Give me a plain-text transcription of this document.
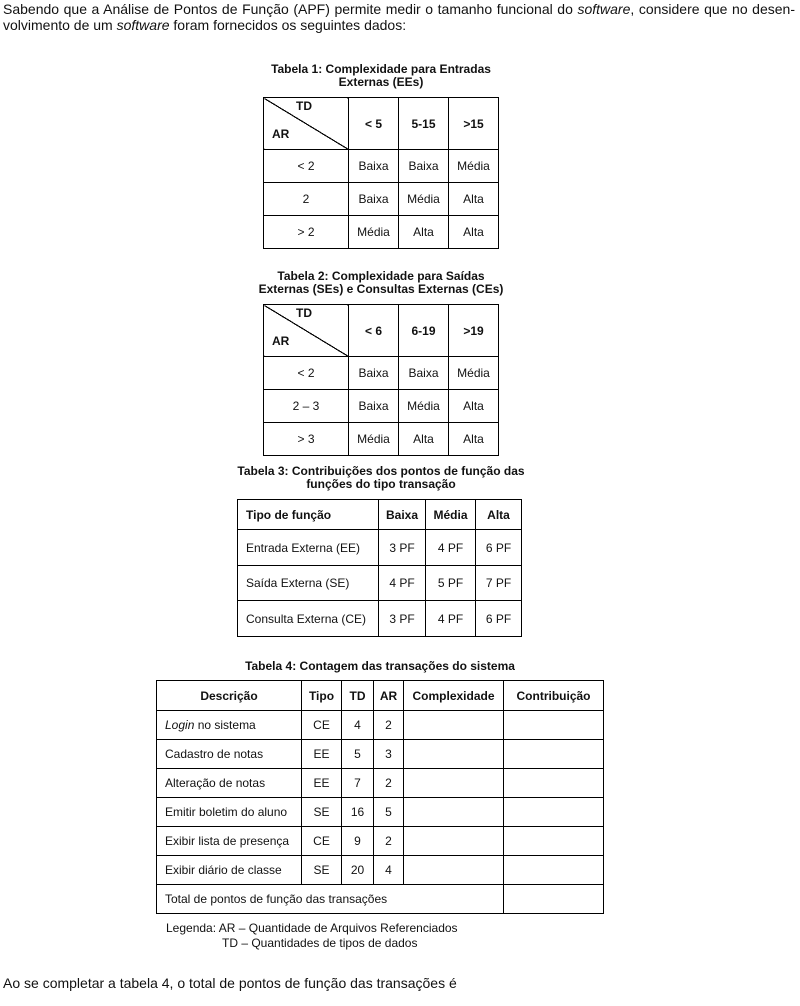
Sabendo que a Análise de Pontos de Função (APF) permite medir o tamanho funcional do software, considere que no desen- volvimento de um software foram fornecidos os seguintes dados:
Tabela 1: Complexidade para Entradas
Externas (EEs)
TD
AR	< 5	5-15	>15
< 2	Baixa	Baixa	Média
2	Baixa	Média	Alta
> 2	Média	Alta	Alta
Tabela 2: Complexidade para Saídas
Externas (SEs) e Consultas Externas (CEs)
TD
AR	< 6	6-19	>19
< 2	Baixa	Baixa	Média
2 – 3	Baixa	Média	Alta
> 3	Média	Alta	Alta
Tabela 3: Contribuições dos pontos de função das
funções do tipo transação
Tipo de função	Baixa	Média	Alta
Entrada Externa (EE)	3 PF	4 PF	6 PF
Saída Externa (SE)	4 PF	5 PF	7 PF
Consulta Externa (CE)	3 PF	4 PF	6 PF
Tabela 4: Contagem das transações do sistema
Descrição	Tipo	TD	AR	Complexidade	Contribuição
Login no sistema	CE	4	2		
Cadastro de notas	EE	5	3		
Alteração de notas	EE	7	2		
Emitir boletim do aluno	SE	16	5		
Exibir lista de presença	CE	9	2		
Exibir diário de classe	SE	20	4		
Total de pontos de função das transações					
Legenda: AR – Quantidade de Arquivos Referenciados
TD – Quantidades de tipos de dados
Ao se completar a tabela 4, o total de pontos de função das transações é
